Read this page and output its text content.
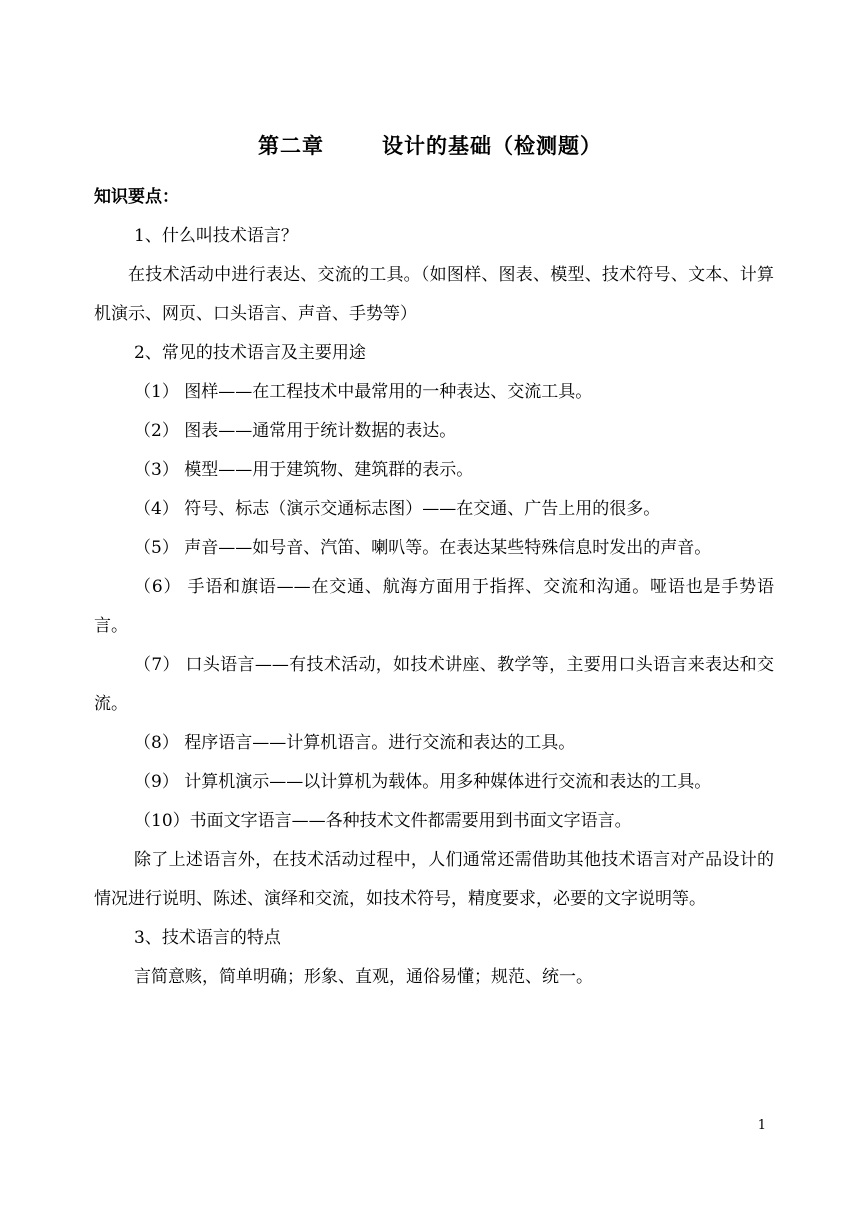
第二章	设计的基础（检测题）
知识要点：

1、什么叫技术语言？

在技术活动中进行表达、交流的工具。（如图样、图表、模型、技术符号、文本、计算机演示、网页、口头语言、声音、手势等）

2、常见的技术语言及主要用途

（1） 图样——在工程技术中最常用的一种表达、交流工具。

（2） 图表——通常用于统计数据的表达。

（3） 模型——用于建筑物、建筑群的表示。

（4） 符号、标志（演示交通标志图）——在交通、广告上用的很多。

（5） 声音——如号音、汽笛、喇叭等。在表达某些特殊信息时发出的声音。

（6） 手语和旗语——在交通、航海方面用于指挥、交流和沟通。哑语也是手势语言。

（7） 口头语言——有技术活动，如技术讲座、教学等，主要用口头语言来表达和交流。

（8） 程序语言——计算机语言。进行交流和表达的工具。

（9） 计算机演示——以计算机为载体。用多种媒体进行交流和表达的工具。

（10）书面文字语言——各种技术文件都需要用到书面文字语言。

除了上述语言外，在技术活动过程中，人们通常还需借助其他技术语言对产品设计的情况进行说明、陈述、演绎和交流，如技术符号，精度要求，必要的文字说明等。

3、技术语言的特点

言简意赅，简单明确；形象、直观，通俗易懂；规范、统一。

1
